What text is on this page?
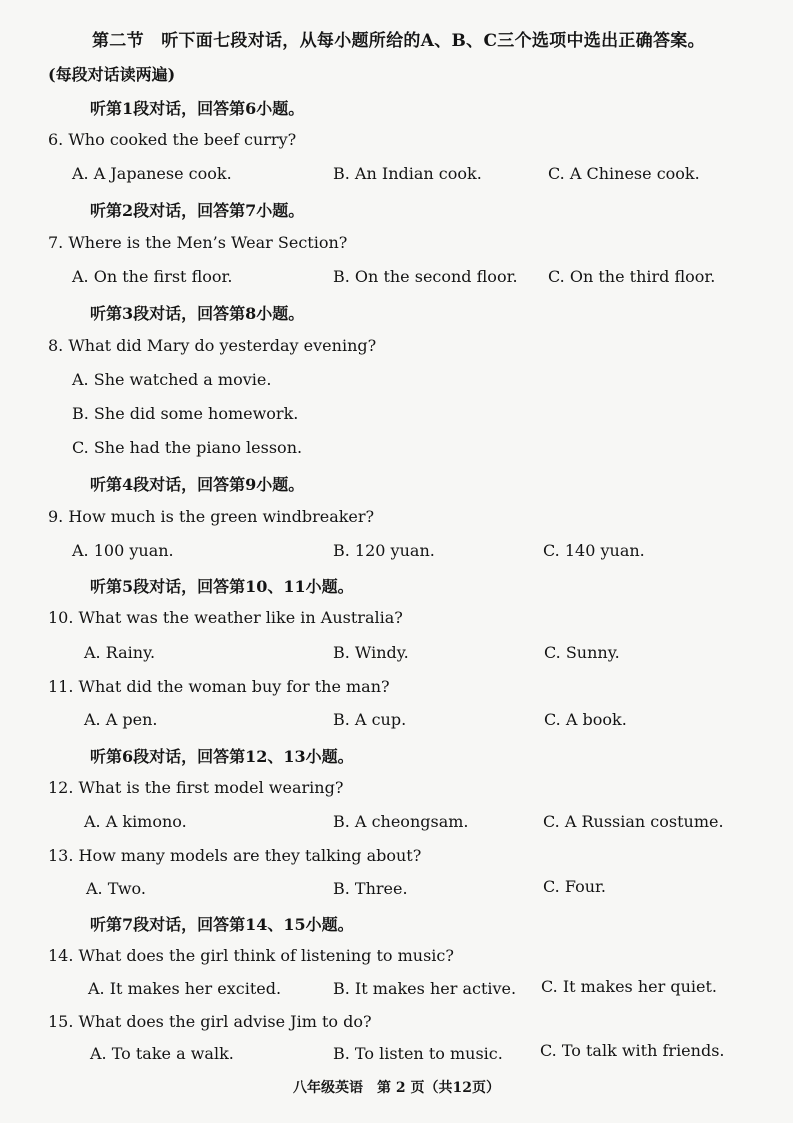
第二节　听下面七段对话，从每小题所给的A、B、C三个选项中选出正确答案。
(每段对话读两遍)
听第1段对话，回答第6小题。
6. Who cooked the beef curry?
A. A Japanese cook.	B. An Indian cook.	C. A Chinese cook.
听第2段对话，回答第7小题。
7. Where is the Men’s Wear Section?
A. On the first floor.	B. On the second floor. C. On the third floor.
听第3段对话，回答第8小题。
8. What did Mary do yesterday evening?
A. She watched a movie.
B. She did some homework.
C. She had the piano lesson.
听第4段对话，回答第9小题。
9. How much is the green windbreaker?
A. 100 yuan.	B. 120 yuan.	C. 140 yuan.
听第5段对话，回答第10、11小题。
10. What was the weather like in Australia?
A. Rainy.	B. Windy.	C. Sunny.
11. What did the woman buy for the man?
A. A pen.	B. A cup.	C. A book.
听第6段对话，回答第12、13小题。
12. What is the first model wearing?
A. A kimono.	B. A cheongsam.	C. A Russian costume.
13. How many models are they talking about?
A. Two.	B. Three.	C. Four.
听第7段对话，回答第14、15小题。
14. What does the girl think of listening to music?
A. It makes her excited.	B. It makes her active. C. It makes her quiet.
15. What does the girl advise Jim to do?
A. To take a walk.	B. To listen to music. C. To talk with friends.
八年级英语　第 2 页（共12页）
